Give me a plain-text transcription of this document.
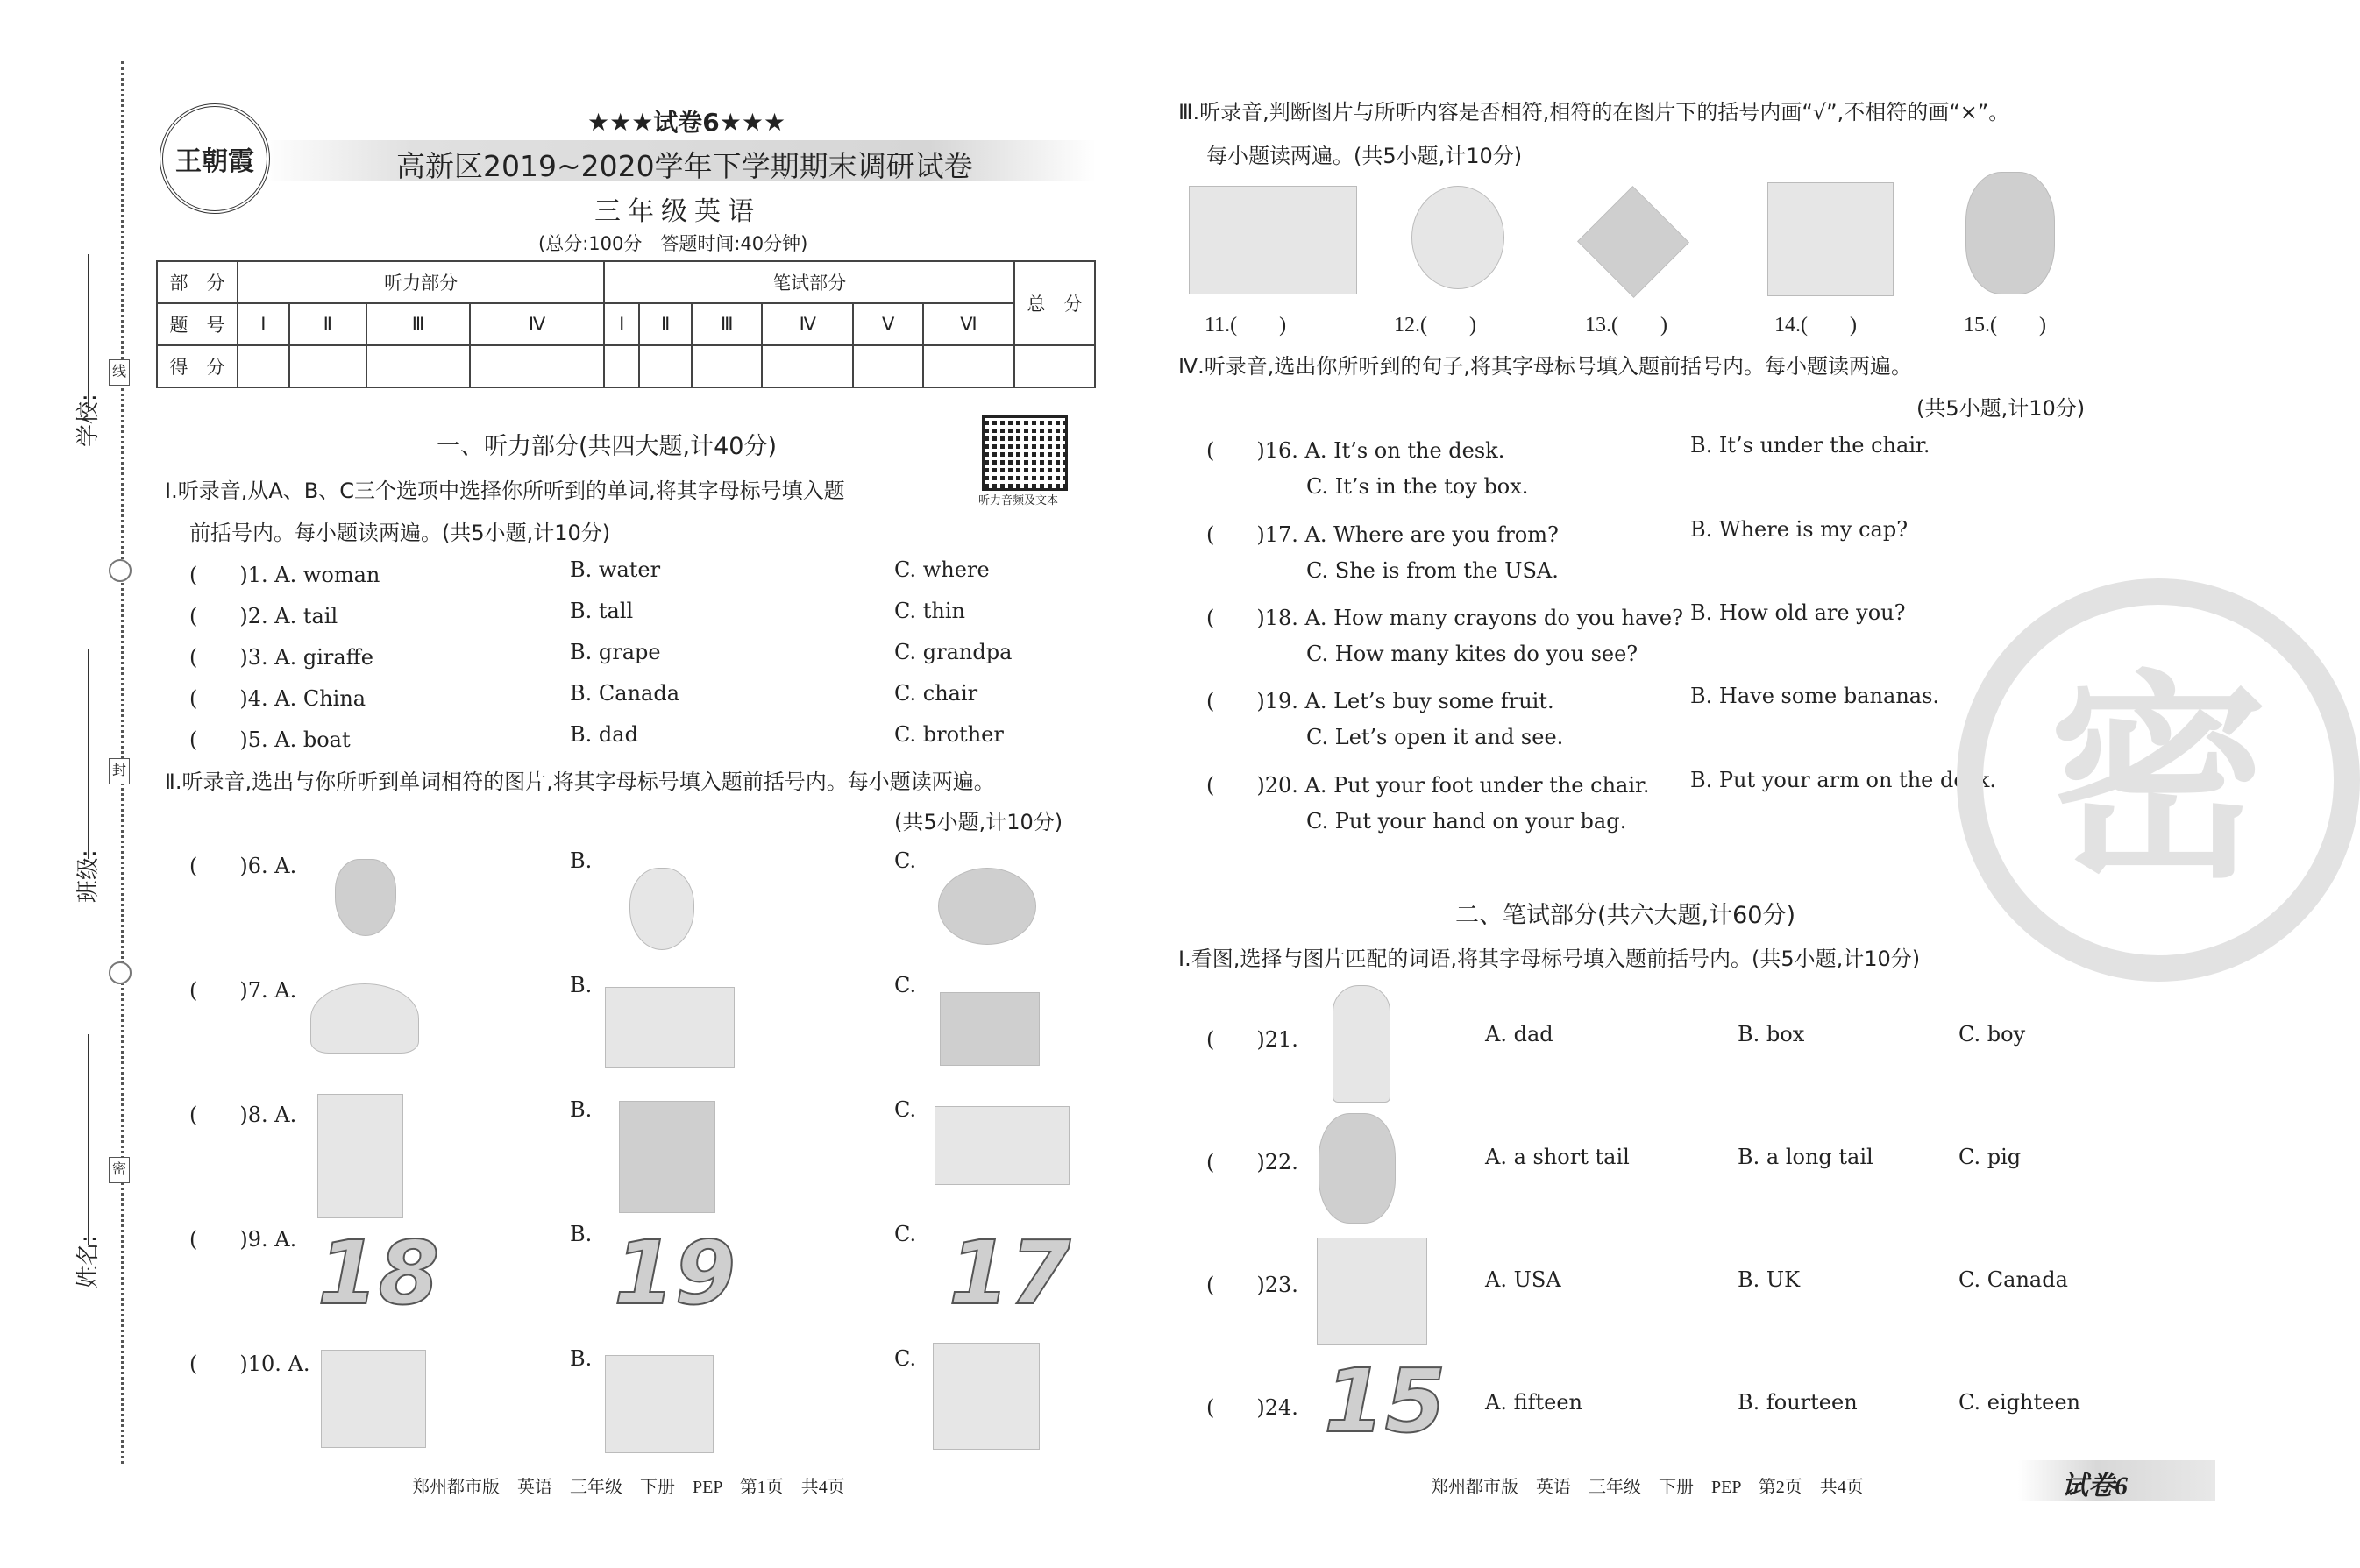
学校:
班级:
姓名:
线
封
密
王朝霞
★★★试卷6★★★
高新区2019~2020学年下学期期末调研试卷
三年级英语
(总分:100分　答题时间:40分钟)
部　分	听力部分				笔试部分						总　分
题　号	Ⅰ	Ⅱ	Ⅲ	Ⅳ	Ⅰ	Ⅱ	Ⅲ	Ⅳ	Ⅴ	Ⅵ	
得　分											
一、听力部分(共四大题,计40分)
听力音频及文本
Ⅰ.听录音,从A、B、C三个选项中选择你所听到的单词,将其字母标号填入题
前括号内。每小题读两遍。(共5小题,计10分)
(　　)1. A. woman	B. water	C. where
(　　)2. A. tail	B. tall	C. thin
(　　)3. A. giraffe	B. grape	C. grandpa
(　　)4. A. China	B. Canada	C. chair
(　　)5. A. boat	B. dad	C. brother
Ⅱ.听录音,选出与你所听到单词相符的图片,将其字母标号填入题前括号内。每小题读两遍。
(共5小题,计10分)
(　　)6. A.	B.	C.
(　　)7. A.	B.	C.
(　　)8. A.	B.	C.
(　　)9. A.	B.	C.
18 19 17
(　　)10. A.	B.	C.
郑州都市版　英语　三年级　下册　PEP　第1页　共4页
Ⅲ.听录音,判断图片与所听内容是否相符,相符的在图片下的括号内画“√”,不相符的画“×”。
每小题读两遍。(共5小题,计10分)
11.(　　)	12.(　　)	13.(　　)	14.(　　)	15.(　　)
Ⅳ.听录音,选出你所听到的句子,将其字母标号填入题前括号内。每小题读两遍。
(共5小题,计10分)
(　　)16. A. It’s on the desk.	B. It’s under the chair.
C. It’s in the toy box.
(　　)17. A. Where are you from?	B. Where is my cap?
C. She is from the USA.
(　　)18. A. How many crayons do you have? B. How old are you?
C. How many kites do you see?
(　　)19. A. Let’s buy some fruit.	B. Have some bananas.
C. Let’s open it and see.
(　　)20. A. Put your foot under the chair. B. Put your arm on the desk.
C. Put your hand on your bag.	密
二、笔试部分(共六大题,计60分)
Ⅰ.看图,选择与图片匹配的词语,将其字母标号填入题前括号内。(共5小题,计10分)
(　　)21.	A. dad	B. box	C. boy
(　　)22.	A. a short tail	B. a long tail	C. pig
(　　)23.	A. USA	B. UK	C. Canada
(　　)24. 15 A. fifteen	B. fourteen	C. eighteen
郑州都市版　英语　三年级　下册　PEP　第2页　共4页	试卷6
